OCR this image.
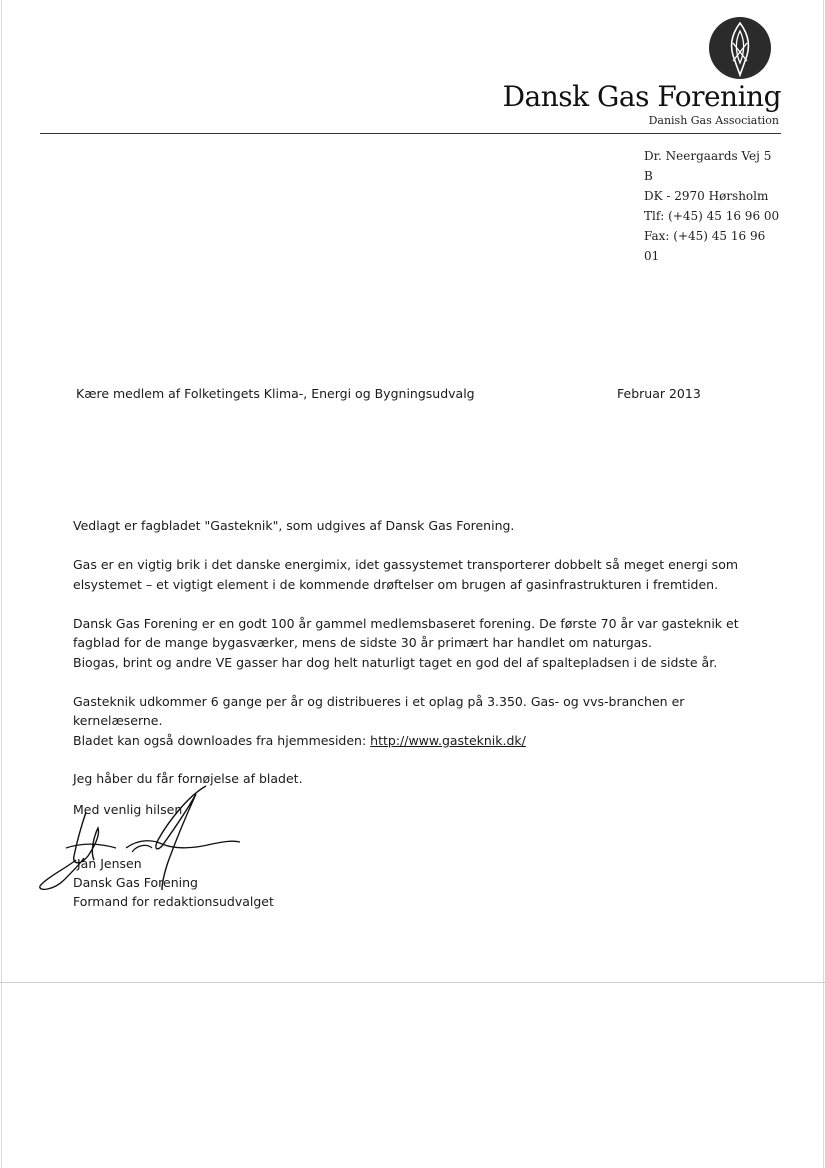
Dansk Gas Forening
Danish Gas Association
Dr. Neergaards Vej 5 B
DK - 2970 Hørsholm
Tlf: (+45) 45 16 96 00
Fax: (+45) 45 16 96 01
Kære medlem af Folketingets Klima-, Energi og Bygningsudvalg	Februar 2013

Vedlagt er fagbladet "Gasteknik", som udgives af Dansk Gas Forening.

Gas er en vigtig brik i det danske energimix, idet gassystemet transporterer dobbelt så meget energi som elsystemet – et vigtigt element i de kommende drøftelser om brugen af gasinfrastrukturen i fremtiden.

Dansk Gas Forening er en godt 100 år gammel medlemsbaseret forening. De første 70 år var gasteknik et fagblad for de mange bygasværker, mens de sidste 30 år primært har handlet om naturgas.

Biogas, brint og andre VE gasser har dog helt naturligt taget en god del af spaltepladsen i de sidste år.

Gasteknik udkommer 6 gange per år og distribueres i et oplag på 3.350. Gas- og vvs-branchen er kernelæserne.

Bladet kan også downloades fra hjemmesiden: http://www.gasteknik.dk/

Jeg håber du får fornøjelse af bladet.
Med venlig hilsen
Jan Jensen
Dansk Gas Forening
Formand for redaktionsudvalget
